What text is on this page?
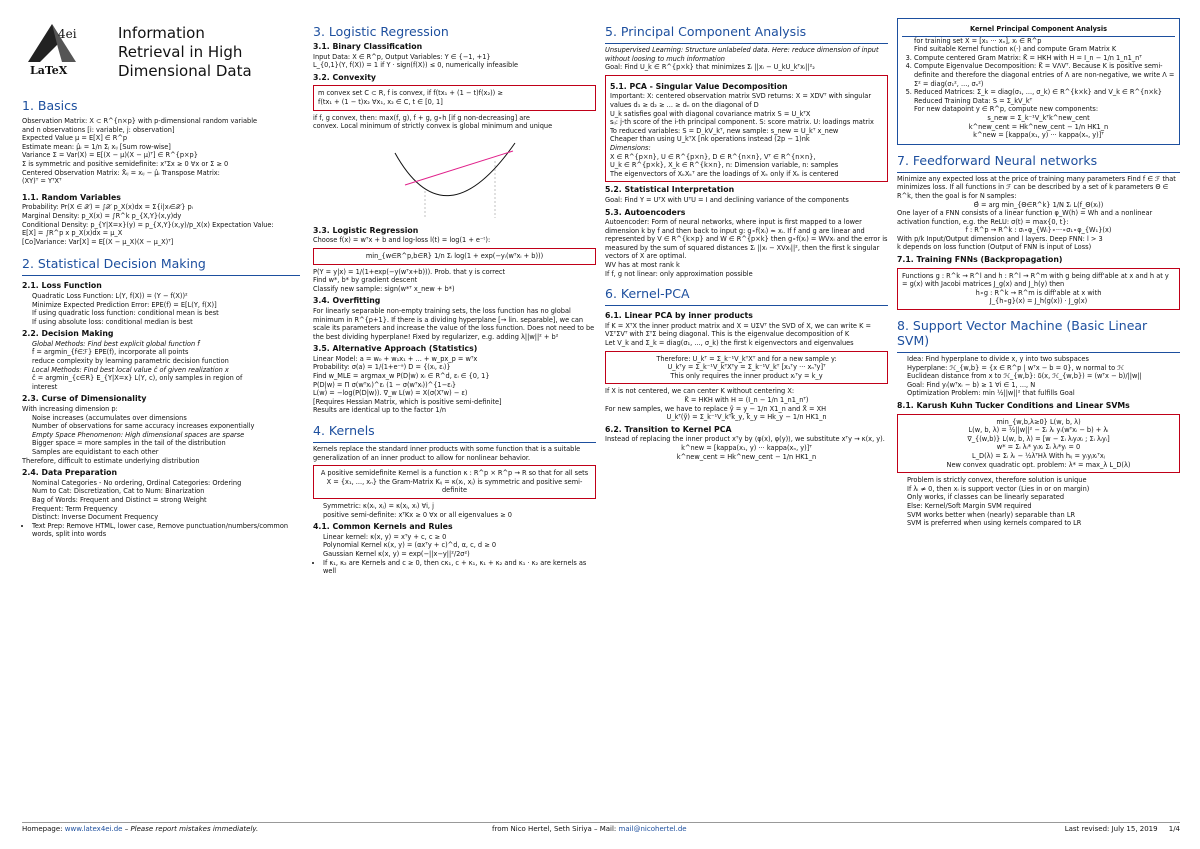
4ei
LaTeX
Information
Retrieval in High
Dimensional Data
1. Basics
Observation Matrix: X ⊂ R^{n×p} with p-dimensional random variable
and n observations [i: variable, j: observation]
Expected Value μ = E[X] ∈ R^p
Estimate mean: μ̂ᵢ = 1/n Σⱼ xᵢⱼ [Sum row-wise]
Variance Σ = Var(X) = E[(X − μ)(X − μ)ᵀ] ∈ R^{p×p}
Σ is symmetric and positive semidefinite: xᵀΣx ≥ 0 ∀x or Σ ≥ 0
Centered Observation Matrix: X̃ᵢⱼ = xᵢⱼ − μ̂ᵢ Transpose Matrix:
(XY)ᵀ = YᵀXᵀ
1.1. Random Variables
Probability: Pr(X ∈ 𝒳) = ∫𝒳 p_X(x)dx = Σ{i|xᵢ∈𝒳} pᵢ
Marginal Density: p_X(x) = ∫R^k p_{X,Y}(x,y)dy
Conditional Density: p_{Y|X=x}(y) = p_{X,Y}(x,y)/p_X(x) Expectation Value:
E[X] = ∫R^p x p_X(x)dx = μ_X
[Co]Variance: Var[X] = E[(X − μ_X)(X − μ_X)ᵀ]
2. Statistical Decision Making
2.1. Loss Function
• Quadratic Loss Function: L(Y, f(X)) = (Y − f(X))²
• Minimize Expected Prediction Error: EPE(f) = E[L(Y, f(X)]
• If using quadratic loss function: conditional mean is best
• If using absolute loss: conditional median is best
2.2. Decision Making
• Global Methods: Find best explicit global function f̂
f̂ = argmin_{f∈ℱ} EPE(f), incorporate all points
reduce complexity by learning parametric decision function
• Local Methods: Find best local value ĉ of given realization x
ĉ = argmin_{c∈R} E_{Y|X=x} L(Y, c), only samples in region of
interest
2.3. Curse of Dimensionality
With increasing dimension p:
• Noise increases (accumulates over dimensions
• Number of observations for same accuracy increases exponentially
• Empty Space Phenomenon: High dimensional spaces are sparse
• Bigger space = more samples in the tail of the distribution
• Samples are equidistant to each other
Therefore, difficult to estimate underlying distribution
2.4. Data Preparation
• Nominal Categories - No ordering, Ordinal Categories: Ordering
• Num to Cat: Discretization, Cat to Num: Binarization
• Bag of Words: Frequent and Distinct = strong Weight
• Frequent: Term Frequency
• Distinct: Inverse Document Frequency
• Text Prep: Remove HTML, lower case, Remove punctuation/numbers/common words, split into words
3. Logistic Regression
3.1. Binary Classification
Input Data: X ∈ R^p, Output Variables: Y ∈ {−1, +1}
L_{0,1}(Y, f(X)) = 1 if Y · sign(f(X)) ≤ 0, numerically infeasible
3.2. Convexity
m convex set C ⊂ R, f is convex, if f(tx₁ + (1 − t)f(x₂)) ≥
f(tx₁ + (1 − t)x₂ ∀x₁, x₂ ∈ C, t ∈ [0, 1]
if f, g convex, then: max(f, g), f + g, g∘h [if g non-decreasing] are
convex. Local minimum of strictly convex is global minimum and unique
3.3. Logistic Regression
Choose f(x) = wᵀx + b and log-loss l(t) = log(1 + e⁻ᵗ):
min_{w∈R^p,b∈R} 1/n Σᵢ log(1 + exp(−yᵢ(wᵀxᵢ + b)))
P(Y = y|x) = 1/(1+exp(−y(wᵀx+b))). Prob. that y is correct
Find w*, b* by gradient descent
Classify new sample: sign(w*ᵀ x_new + b*)
3.4. Overfitting
For linearly separable non-empty training sets, the loss function has no global minimum in R^{p+1}. If there is a dividing hyperplane [→ lin. separable], we can scale its parameters and increase the value of the loss function. Does not need to be the best dividing hyperplane! Fixed by regularizer, e.g. adding λ||w||² + b²
3.5. Alternative Approach (Statistics)
Linear Model: a = w₀ + w₁x₁ + ... + w_px_p = wᵀx
Probability: σ(a) = 1/(1+e⁻ᵃ) D = {(xᵢ, εᵢ)}
Find w_MLE = argmax_w P(D|w) xᵢ ∈ R^d, εᵢ ∈ {0, 1}
P(D|w) = Π σ(wᵀxᵢ)^εᵢ (1 − σ(wᵀxᵢ))^{1−εᵢ}
L(w) = −log(P(D|w)). ∇_w L(w) = X(σ(Xᵀw) − ε)
[Requires Hessian Matrix, which is positive semi-definite]
Results are identical up to the factor 1/n
4. Kernels
Kernels replace the standard inner products with some function that is a suitable generalization of an inner product to allow for nonlinear behavior.
A positive semidefinite Kernel is a function κ : R^p × R^p → R so that for all sets X = {x₁, ..., xₙ} the Gram-Matrix Kᵢⱼ = κ(xᵢ, xⱼ) is symmetric and positive semi-definite
• Symmetric: κ(xᵢ, xⱼ) = κ(xⱼ, xᵢ) ∀i, j
• positive semi-definite: xᵀKx ≥ 0 ∀x or all eigenvalues ≥ 0
4.1. Common Kernels and Rules
• Linear kernel: κ(x, y) = xᵀy + c, c ≥ 0
• Polynomial Kernel κ(x, y) = (αxᵀy + c)^d, α, c, d ≥ 0
• Gaussian Kernel κ(x, y) = exp(−||x−y||²/2σ²)
• If κ₁, κ₂ are Kernels and c ≥ 0, then cκ₁, c + κ₁, κ₁ + κ₂ and κ₁ · κ₂ are kernels as well
5. Principal Component Analysis
Unsupervised Learning: Structure unlabeled data. Here: reduce dimension of input without loosing to much information
Goal: Find U_k ∈ R^{p×k} that minimizes Σᵢ ||xᵢ − U_kU_kᵀxᵢ||²₂
5.1. PCA - Singular Value Decomposition
Important: X: centered observation matrix SVD returns: X = XDVᵀ with singular values d₁ ≥ d₂ ≥ ... ≥ dₙ on the diagonal of D
U_k satisfies goal with diagonal covariance matrix S = U_kᵀX
sᵢⱼ: j-th score of the i-th principal component. S: score matrix. U: loadings matrix
To reduced variables: S = D_kV_kᵀ, new sample: s_new = U_kᵀ x_new
Cheaper than using U_kᵀX [nk operations instead (2p − 1)nk
Dimensions:
X ∈ R^{p×n}, U ∈ R^{p×n}, D ∈ R^{n×n}, Vᵀ ∈ R^{n×n},
U_k ∈ R^{p×k}, X_k ∈ R^{k×n}, n: Dimension variable, n: samples
The eigenvectors of XₖXₖᵀ are the loadings of Xₖ only if Xₖ is centered
5.2. Statistical Interpretation
Goal: Find Y = UᵀX with UᵀU = I and declining variance of the components
5.3. Autoencoders
Autoencoder: Form of neural networks, where input is first mapped to a lower dimension k by f and then back to input g: g∘f(xᵢ) ≈ xᵢ. If f and g are linear and represented by V ∈ R^{k×p} and W ∈ R^{p×k} then g∘f(xᵢ) = WVxᵢ and the error is measured by the sum of squared distances Σᵢ ||xᵢ − XVxᵢ||², then the first k singular vectors of X are optimal.
WV has at most rank k
If f, g not linear: only approximation possible
6. Kernel-PCA
6.1. Linear PCA by inner products
If K = XᵀX the inner product matrix and X = UΣVᵀ the SVD of X, we can write K = VΣᵀΣVᵀ with ΣᵀΣ being diagonal. This is the eigenvalue decomposition of K
Let V_k and Σ_k = diag(σ₁, ..., σ_k) the first k eigenvectors and eigenvalues
Therefore: U_kᵀ = Σ_k⁻¹V_kᵀXᵀ and for a new sample y:
U_kᵀy = Σ_k⁻¹V_kᵀXᵀy = Σ_k⁻¹V_kᵀ [x₁ᵀy ··· xₙᵀy]ᵀ
This only requires the inner product xᵢᵀy = k_y
If X is not centered, we can center K without centering X:
K̃ = HKH with H = (I_n − 1/n 1_n1_nᵀ)
For new samples, we have to replace ỹ = y − 1/n X1_n and X̃ = XH
U_kᵀ(ỹ) = Σ_k⁻¹V_kᵀk̃_y, k̃_y = Hk_y − 1/n HK1_n
6.2. Transition to Kernel PCA
Instead of replacing the inner product xᵀy by ⟨φ(x), φ(y)⟩, we substitute xᵀy → κ(x, y).
k^new = [kappa(x₁, y) ··· kappa(xₙ, y)]ᵀ
k^new_cent = Hk^new_cent − 1/n HK1_n
Kernel Principal Component Analysis
1. for training set X = [x₁ ··· xₙ], xᵢ ∈ R^p
2. Find suitable Kernel function κ(·) and compute Gram Matrix K
3. Compute centered Gram Matrix: K̃ = HKH with H = I_n − 1/n 1_n1_nᵀ
4. Compute Eigenvalue Decomposition: K̃ = VΛVᵀ. Because K is positive semi-definite and therefore the diagonal entries of Λ are non-negative, we write Λ = Σ² = diag(σ₁², ..., σₙ²)
5. Reduced Matrices: Σ_k = diag(σ₁, ..., σ_k) ∈ R^{k×k} and V_k ∈ R^{n×k}
6. Reduced Training Data: S = Σ_kV_kᵀ
7. For new datapoint y ∈ R^p, compute new components:
s_new = Σ_k⁻¹V_kᵀk^new_cent
k^new_cent = Hk^new_cent − 1/n HK1_n
k^new = [kappa(x₁, y) ··· kappa(xₙ, y)]ᵀ
7. Feedforward Neural networks
Minimize any expected loss at the price of training many parameters Find f ∈ ℱ that minimizes loss. If all functions in ℱ can be described by a set of k parameters Θ ∈ R^k, then the goal is for N samples:
Θ̂ = arg min_{Θ∈R^k} 1/N Σᵢ L(f_Θ(xᵢ))
One layer of a FNN consists of a linear function φ_W(h) = Wh and a nonlinear activation function, e.g. the ReLU: σ(t) = max{0, t}:
f : R^p → R^k : σₗ∘φ_{Wₗ}∘···∘σ₁∘φ_{W₁}(x)
With p/k Input/Output dimension and l layers. Deep FNN: l > 3
k depends on loss function (Output of FNN is input of Loss)
7.1. Training FNNs (Backpropagation)
Functions g : R^k → R^l and h : R^l → R^m with g being diff'able at x and h at y = g(x) with Jacobi matrices J_g(x) and J_h(y) then
h∘g : R^k → R^m is diff'able at x with
J_{h∘g}(x) = J_h(g(x)) · J_g(x)
8. Support Vector Machine (Basic Linear SVM)
• Idea: Find hyperplane to divide x, y into two subspaces
• Hyperplane: ℋ_{w,b} = {x ∈ R^p | wᵀx − b = 0}, w normal to ℋ
• Euclidean distance from x to ℋ_{w,b}: δ(x, ℋ_{w,b}) = (wᵀx − b)/||w||
• Goal: Find yᵢ(wᵀxᵢ − b) ≥ 1 ∀i ∈ 1, ..., N
• Optimization Problem: min ½||w||² that fulfills Goal
8.1. Karush Kuhn Tucker Conditions and Linear SVMs
min_{w,b,λ≥0} L(w, b, λ)
L(w, b, λ) = ½||w||² − Σᵢ λᵢ yᵢ(wᵀxᵢ − b) + λᵢ
∇_{(w,b)} L(w, b, λ) = [w − Σᵢ λᵢyᵢxᵢ ; Σᵢ λᵢyᵢ]
w* = Σᵢ λᵢ* yᵢxᵢ Σᵢ λᵢ*yᵢ = 0
L_D(λ) = Σᵢ λᵢ − ½λᵀHλ With hᵢⱼ = yᵢyⱼxᵢᵀxⱼ
New convex quadratic opt. problem: λ* = max_λ L_D(λ)
• Problem is strictly convex, therefore solution is unique
• If λᵢ ≠ 0, then xᵢ is support vector (Lies in or on margin)
• Only works, if classes can be linearly separated
• Else: Kernel/Soft Margin SVM required
• SVM works better when (nearly) separable than LR
• SVM is preferred when using kernels compared to LR
Homepage: www.latex4ei.de – Please report mistakes immediately.	from Nico Hertel, Seth Siriya – Mail: mail@nicohertel.de	Last revised: July 15, 2019 1/4
